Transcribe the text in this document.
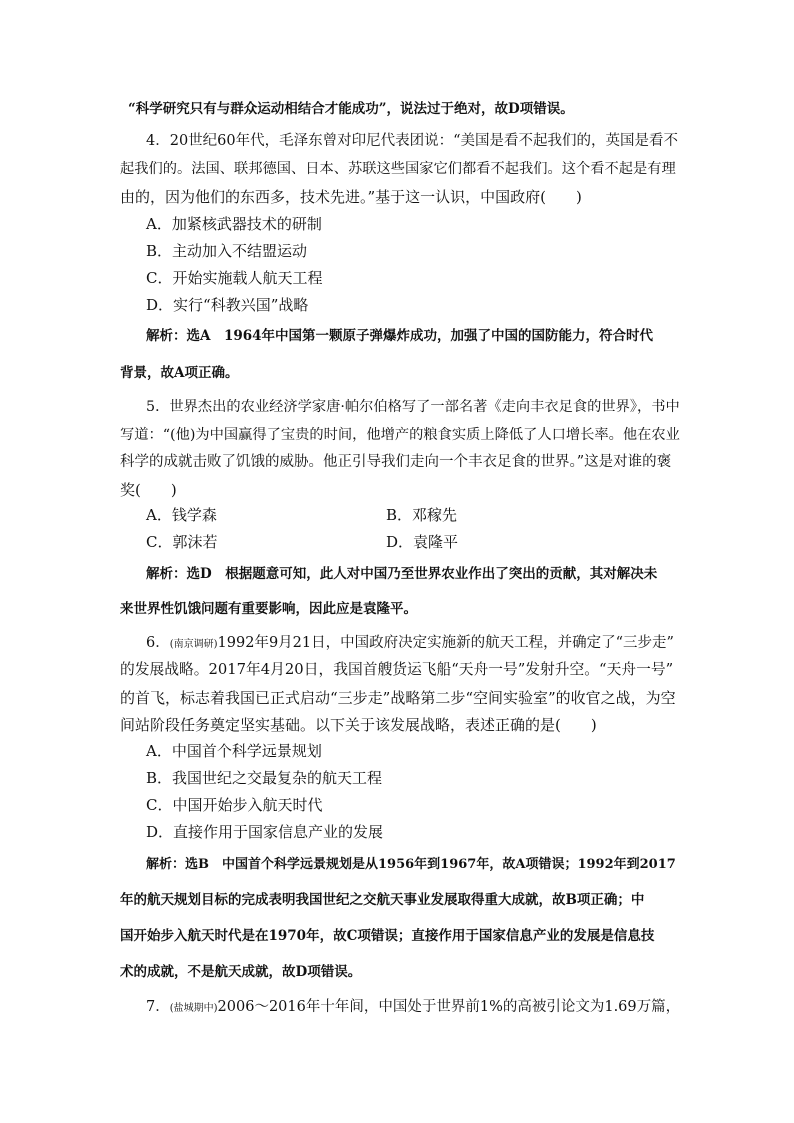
“科学研究只有与群众运动相结合才能成功”，说法过于绝对，故D项错误。
4．20世纪60年代，毛泽东曾对印尼代表团说：“美国是看不起我们的，英国是看不
起我们的。法国、联邦德国、日本、苏联这些国家它们都看不起我们。这个看不起是有理
由的，因为他们的东西多，技术先进。”基于这一认识，中国政府(　　)
A．加紧核武器技术的研制
B．主动加入不结盟运动
C．开始实施载人航天工程
D．实行“科教兴国”战略
解析：选A　1964年中国第一颗原子弹爆炸成功，加强了中国的国防能力，符合时代
背景，故A项正确。
5．世界杰出的农业经济学家唐·帕尔伯格写了一部名著《走向丰衣足食的世界》，书中
写道：“(他)为中国赢得了宝贵的时间，他增产的粮食实质上降低了人口增长率。他在农业
科学的成就击败了饥饿的威胁。他正引导我们走向一个丰衣足食的世界。”这是对谁的褒
奖(　　)
A．钱学森	B．邓稼先
C．郭沫若	D．袁隆平
解析：选D　根据题意可知，此人对中国乃至世界农业作出了突出的贡献，其对解决未
来世界性饥饿问题有重要影响，因此应是袁隆平。
6．(南京调研)1992年9月21日，中国政府决定实施新的航天工程，并确定了“三步走”
的发展战略。2017年4月20日，我国首艘货运飞船“天舟一号”发射升空。“天舟一号”
的首飞，标志着我国已正式启动“三步走”战略第二步“空间实验室”的收官之战，为空
间站阶段任务奠定坚实基础。以下关于该发展战略，表述正确的是(　　)
A．中国首个科学远景规划
B．我国世纪之交最复杂的航天工程
C．中国开始步入航天时代
D．直接作用于国家信息产业的发展
解析：选B　中国首个科学远景规划是从1956年到1967年，故A项错误；1992年到2017
年的航天规划目标的完成表明我国世纪之交航天事业发展取得重大成就，故B项正确；中
国开始步入航天时代是在1970年，故C项错误；直接作用于国家信息产业的发展是信息技
术的成就，不是航天成就，故D项错误。
7．(盐城期中)2006～2016年十年间，中国处于世界前1%的高被引论文为1.69万篇，
